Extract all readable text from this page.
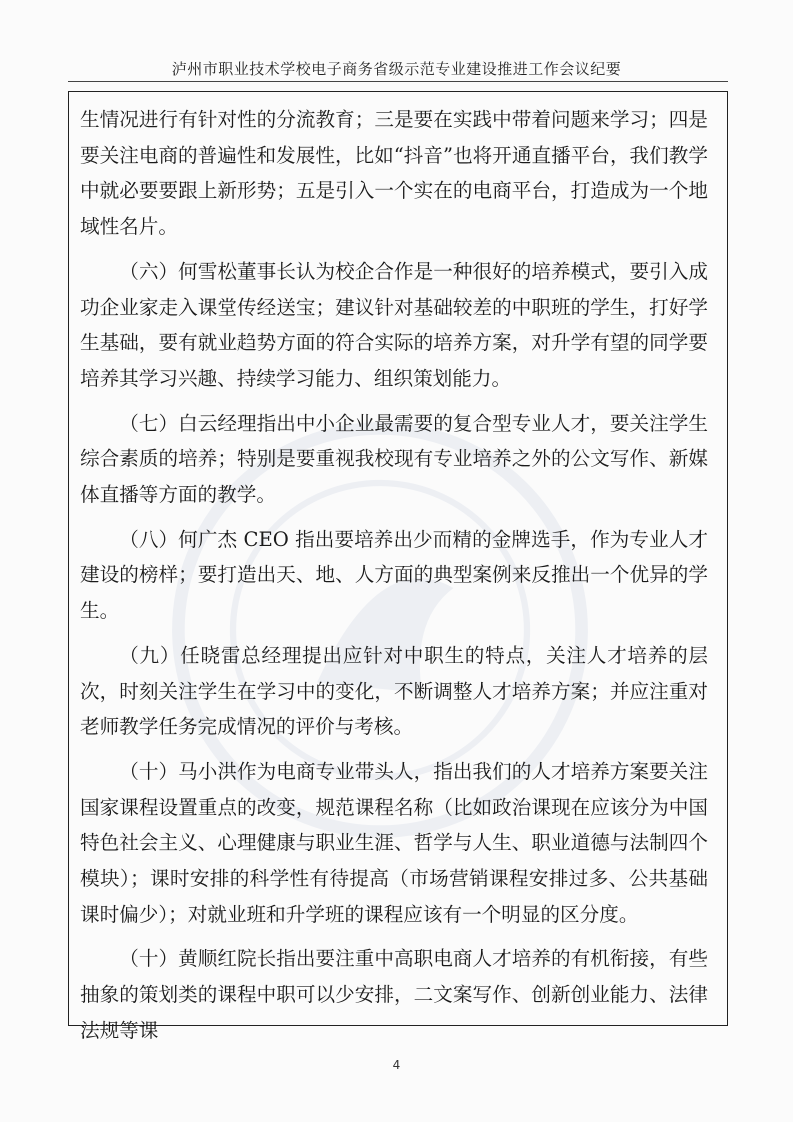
泸州市职业技术学校电子商务省级示范专业建设推进工作会议纪要

生情况进行有针对性的分流教育；三是要在实践中带着问题来学习；四是要关注电商的普遍性和发展性，比如“抖音”也将开通直播平台，我们教学中就必要要跟上新形势；五是引入一个实在的电商平台，打造成为一个地域性名片。

（六）何雪松董事长认为校企合作是一种很好的培养模式，要引入成功企业家走入课堂传经送宝；建议针对基础较差的中职班的学生，打好学生基础，要有就业趋势方面的符合实际的培养方案，对升学有望的同学要培养其学习兴趣、持续学习能力、组织策划能力。

（七）白云经理指出中小企业最需要的复合型专业人才，要关注学生综合素质的培养；特别是要重视我校现有专业培养之外的公文写作、新媒体直播等方面的教学。

（八）何广杰 CEO 指出要培养出少而精的金牌选手，作为专业人才建设的榜样；要打造出天、地、人方面的典型案例来反推出一个优异的学生。

（九）任晓雷总经理提出应针对中职生的特点，关注人才培养的层次，时刻关注学生在学习中的变化，不断调整人才培养方案；并应注重对老师教学任务完成情况的评价与考核。

（十）马小洪作为电商专业带头人，指出我们的人才培养方案要关注国家课程设置重点的改变，规范课程名称（比如政治课现在应该分为中国特色社会主义、心理健康与职业生涯、哲学与人生、职业道德与法制四个模块）；课时安排的科学性有待提高（市场营销课程安排过多、公共基础课时偏少）；对就业班和升学班的课程应该有一个明显的区分度。

（十）黄顺红院长指出要注重中高职电商人才培养的有机衔接，有些抽象的策划类的课程中职可以少安排，二文案写作、创新创业能力、法律法规等课

4
